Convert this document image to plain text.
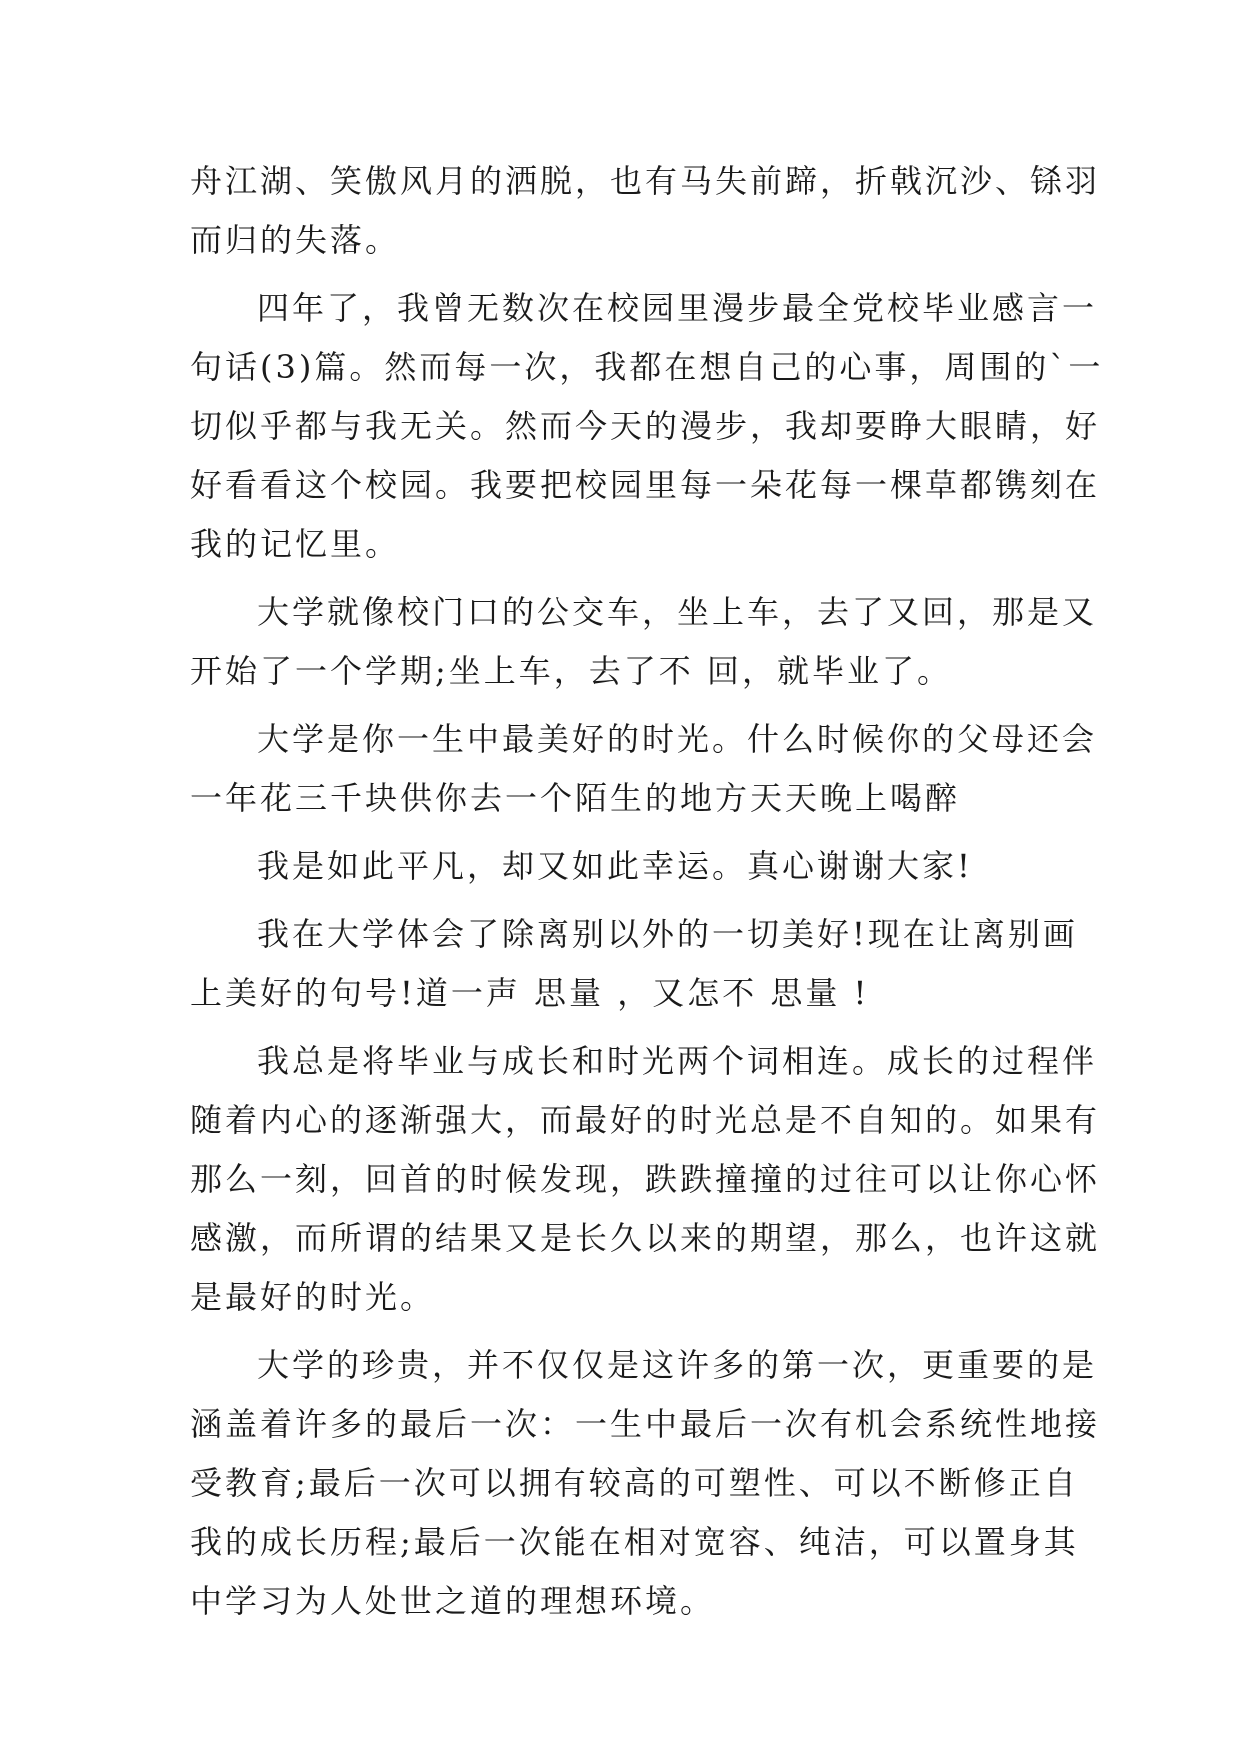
舟江湖、笑傲风月的洒脱，也有马失前蹄，折戟沉沙、铩羽
而归的失落。
四年了，我曾无数次在校园里漫步最全党校毕业感言一
句话(3)篇。然而每一次，我都在想自己的心事，周围的`一
切似乎都与我无关。然而今天的漫步，我却要睁大眼睛，好
好看看这个校园。我要把校园里每一朵花每一棵草都镌刻在
我的记忆里。
大学就像校门口的公交车，坐上车，去了又回，那是又
开始了一个学期;坐上车，去了不 回，就毕业了。
大学是你一生中最美好的时光。什么时候你的父母还会
一年花三千块供你去一个陌生的地方天天晚上喝醉
我是如此平凡，却又如此幸运。真心谢谢大家!
我在大学体会了除离别以外的一切美好!现在让离别画
上美好的句号!道一声 思量 ，又怎不 思量 !
我总是将毕业与成长和时光两个词相连。成长的过程伴
随着内心的逐渐强大，而最好的时光总是不自知的。如果有
那么一刻，回首的时候发现，跌跌撞撞的过往可以让你心怀
感激，而所谓的结果又是长久以来的期望，那么，也许这就
是最好的时光。
大学的珍贵，并不仅仅是这许多的第一次，更重要的是
涵盖着许多的最后一次：一生中最后一次有机会系统性地接
受教育;最后一次可以拥有较高的可塑性、可以不断修正自
我的成长历程;最后一次能在相对宽容、纯洁，可以置身其
中学习为人处世之道的理想环境。
